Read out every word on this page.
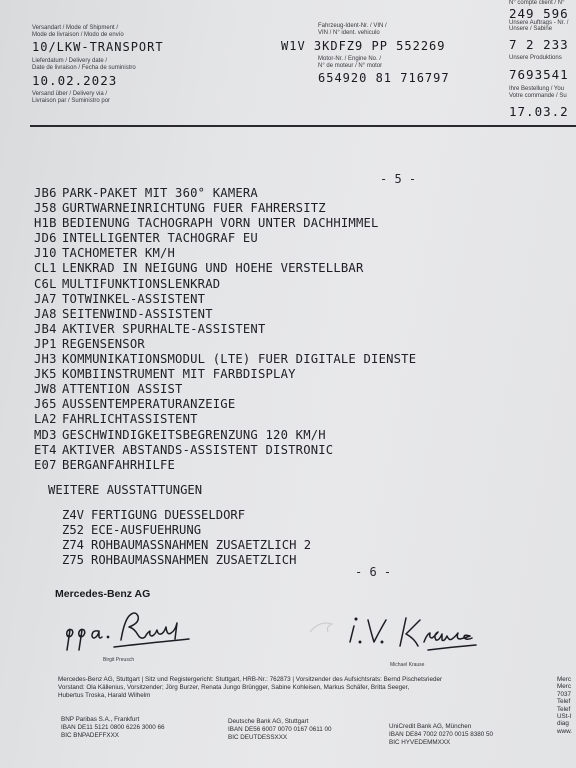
N° compte client / N°
249 596
Unsere Auftrags - Nr. /
Unsere / Sabine
7 2 233
Unsere Produktions
7693541
Ihre Bestellung / You
Votre commande / Su
17.03.2
Versandart / Mode of Shipment /
Mode de livraison / Modo de envío
10/LKW-TRANSPORT
Lieferdatum / Delivery date /
Date de livraison / Fecha de suministro
10.02.2023
Versand über / Delivery via /
Livraison par / Suministro por
Fahrzeug-Ident-Nr. / VIN /
VIN / N° ident. vehiculo
W1V 3KDFZ9 PP 552269
Motor-Nr. / Engine No. /
N° de moteur / N° motor
654920 81 716797
- 5 -
JB6 PARK-PAKET MIT 360° KAMERA
J58 GURTWARNEINRICHTUNG FUER FAHRERSITZ
H1B BEDIENUNG TACHOGRAPH VORN UNTER DACHHIMMEL
JD6 INTELLIGENTER TACHOGRAF EU
J10 TACHOMETER KM/H
CL1 LENKRAD IN NEIGUNG UND HOEHE VERSTELLBAR
C6L MULTIFUNKTIONSLENKRAD
JA7 TOTWINKEL-ASSISTENT
JA8 SEITENWIND-ASSISTENT
JB4 AKTIVER SPURHALTE-ASSISTENT
JP1 REGENSENSOR
JH3 KOMMUNIKATIONSMODUL (LTE) FUER DIGITALE DIENSTE
JK5 KOMBIINSTRUMENT MIT FARBDISPLAY
JW8 ATTENTION ASSIST
J65 AUSSENTEMPERATURANZEIGE
LA2 FAHRLICHTASSISTENT
MD3 GESCHWINDIGKEITSBEGRENZUNG 120 KM/H
ET4 AKTIVER ABSTANDS-ASSISTENT DISTRONIC
E07 BERGANFAHRHILFE
WEITERE AUSSTATTUNGEN
Z4V FERTIGUNG DUESSELDORF
Z52 ECE-AUSFUEHRUNG
Z74 ROHBAUMASSNAHMEN ZUSAETZLICH 2
Z75 ROHBAUMASSNAHMEN ZUSAETZLICH
- 6 -
Mercedes-Benz AG
Birgit Preusch
Michael Krause
Mercedes-Benz AG, Stuttgart | Sitz und Registergericht: Stuttgart, HRB-Nr.: 762873 | Vorsitzender des Aufsichtsrats: Bernd Pischetsrieder
Vorstand: Ola Källenius, Vorsitzender; Jörg Burzer, Renata Jungo Brüngger, Sabine Kohleisen, Markus Schäfer, Britta Seeger,
Hubertus Troska, Harald Wilhelm
BNP Paribas S.A., Frankfurt
IBAN DE11 5121 0800 6226 3000 66
BIC BNPADEFFXXX
Deutsche Bank AG, Stuttgart
IBAN DE56 6007 0070 0167 0611 00
BIC DEUTDESSXXX
UniCredit Bank AG, München
IBAN DE84 7002 0270 0015 8380 50
BIC HYVEDEMMXXX
Merc
Merc
7037
Telef
Telef
USt-I
diag
www.
